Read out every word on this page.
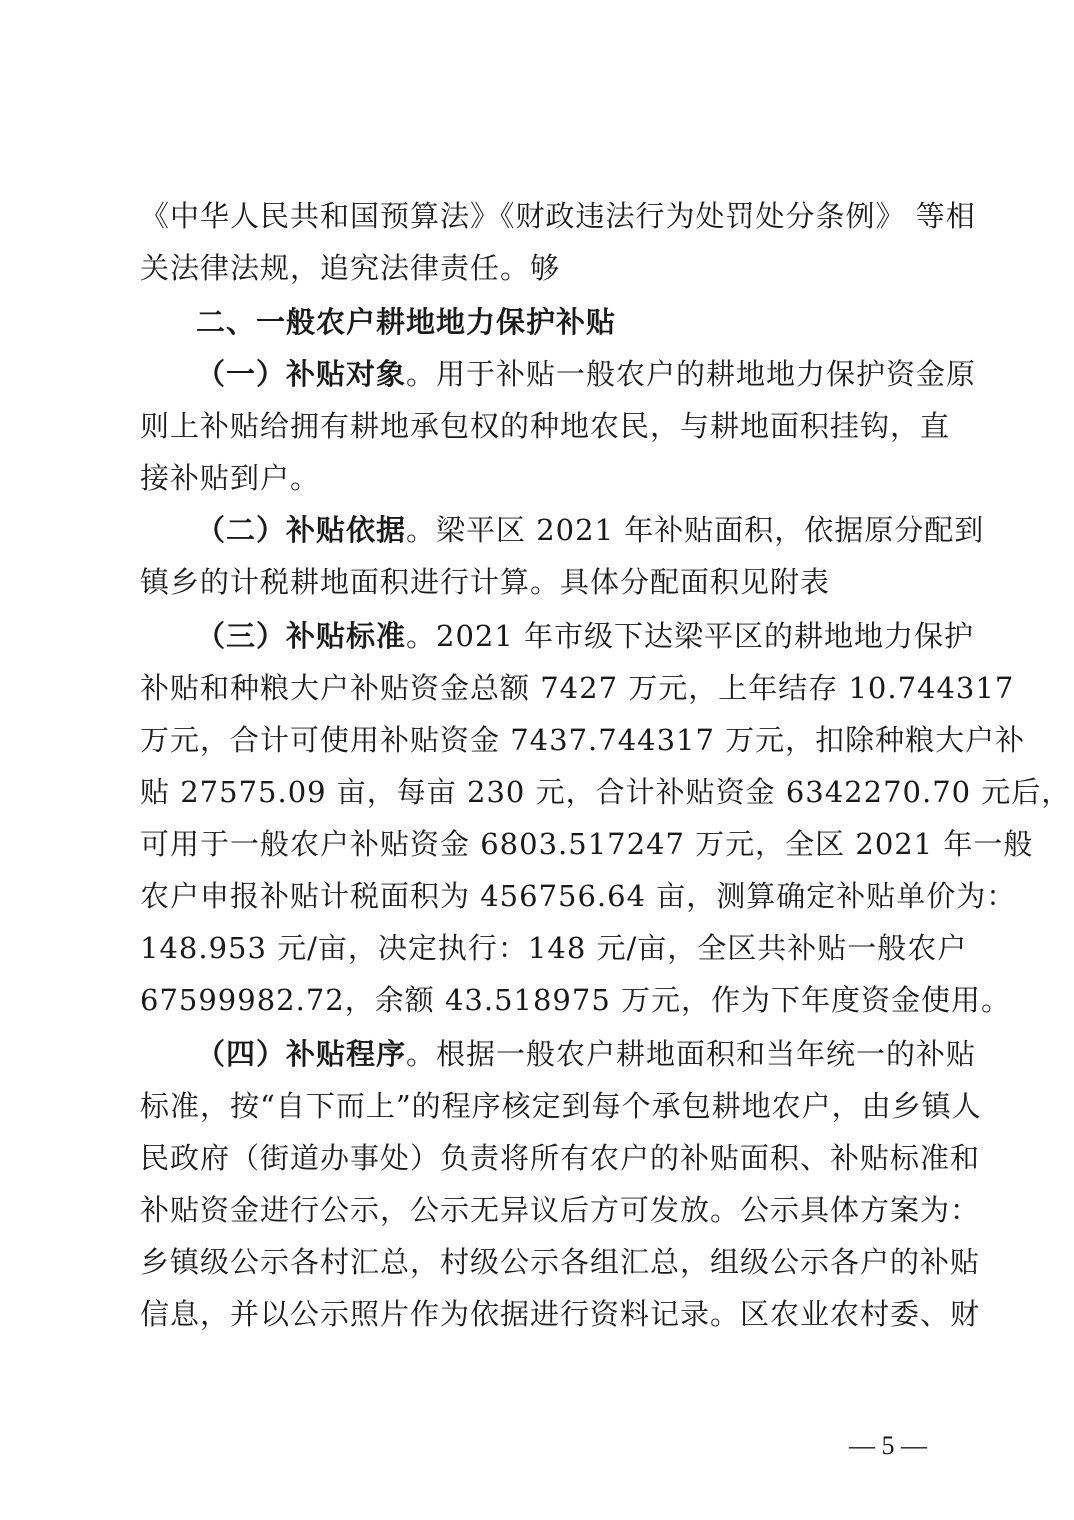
《中华人民共和国预算法》《财政违法行为处罚处分条例》 等相
关法律法规，追究法律责任。够
二、一般农户耕地地力保护补贴
（一）补贴对象。用于补贴一般农户的耕地地力保护资金原
则上补贴给拥有耕地承包权的种地农民，与耕地面积挂钩，直
接补贴到户。
（二）补贴依据。梁平区 2021 年补贴面积，依据原分配到
镇乡的计税耕地面积进行计算。具体分配面积见附表
（三）补贴标准。2021 年市级下达梁平区的耕地地力保护
补贴和种粮大户补贴资金总额 7427 万元，上年结存 10.744317
万元，合计可使用补贴资金 7437.744317 万元，扣除种粮大户补
贴 27575.09 亩，每亩 230 元，合计补贴资金 6342270.70 元后，
可用于一般农户补贴资金 6803.517247 万元，全区 2021 年一般
农户申报补贴计税面积为 456756.64 亩，测算确定补贴单价为：
148.953 元/亩，决定执行：148 元/亩，全区共补贴一般农户
67599982.72，余额 43.518975 万元，作为下年度资金使用。
（四）补贴程序。根据一般农户耕地面积和当年统一的补贴
标准，按“自下而上”的程序核定到每个承包耕地农户，由乡镇人
民政府（街道办事处）负责将所有农户的补贴面积、补贴标准和
补贴资金进行公示，公示无异议后方可发放。公示具体方案为：
乡镇级公示各村汇总，村级公示各组汇总，组级公示各户的补贴
信息，并以公示照片作为依据进行资料记录。区农业农村委、财
— 5 —
